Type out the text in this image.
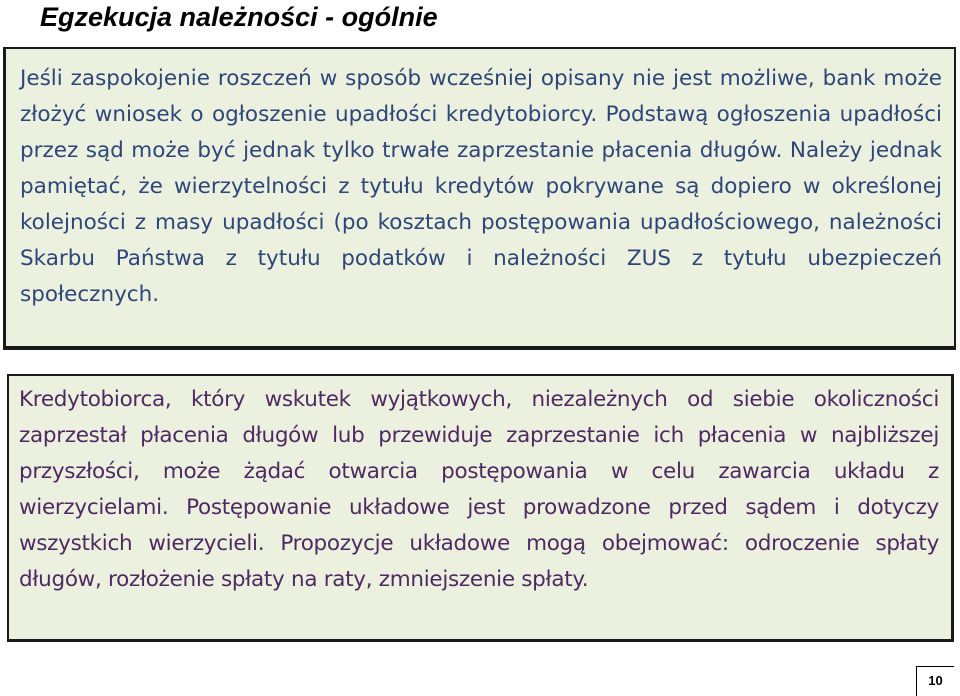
Egzekucja należności - ogólnie

Jeśli zaspokojenie roszczeń w sposób wcześniej opisany nie jest możliwe, bank może złożyć wniosek o ogłoszenie upadłości kredytobiorcy. Podstawą ogłoszenia upadłości przez sąd może być jednak tylko trwałe zaprzestanie płacenia długów. Należy jednak pamiętać, że wierzytelności z tytułu kredytów pokrywane są dopiero w określonej kolejności z masy upadłości (po kosztach postępowania upadłościowego, należności Skarbu Państwa z tytułu podatków i należności ZUS z tytułu ubezpieczeń społecznych.

Kredytobiorca, który wskutek wyjątkowych, niezależnych od siebie okoliczności zaprzestał płacenia długów lub przewiduje zaprzestanie ich płacenia w najbliższej przyszłości, może żądać otwarcia postępowania w celu zawarcia układu z wierzycielami. Postępowanie układowe jest prowadzone przed sądem i dotyczy wszystkich wierzycieli. Propozycje układowe mogą obejmować: odroczenie spłaty długów, rozłożenie spłaty na raty, zmniejszenie spłaty.

10
